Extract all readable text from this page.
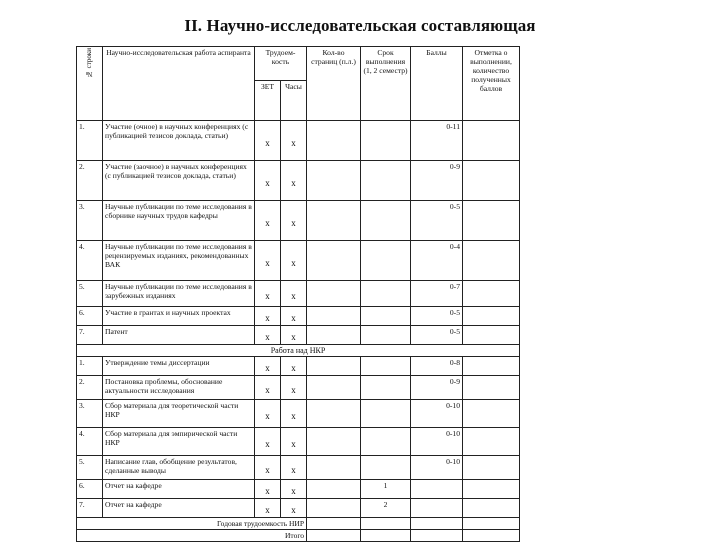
II. Научно-исследовательская составляющая
№ строки	Научно-исследовательская работа аспиранта	Трудоем-кость		Кол-во страниц (п.л.)	Срок выполнения (1, 2 семестр)	Баллы	Отметка о выполнении, количество полученных баллов
		ЗЕТ	Часы				
1.	Участие (очное) в научных конференциях (с публикацией тезисов доклада, статьи)	x	x			0-11	
2.	Участие (заочное) в научных конференциях (с публикацией тезисов доклада, статьи)	x	x			0-9	
3.	Научные публикации по теме исследования в сборнике научных трудов кафедры	x	x			0-5	
4.	Научные публикации по теме исследования в рецензируемых изданиях, рекомендованных ВАК	x	x			0-4	
5.	Научные публикации по теме исследования в зарубежных изданиях	x	x			0-7	
6.	Участие в грантах и научных проектах	x	x			0-5	
7.	Патент	x	x			0-5	
Работа над НКР							
1.	Утверждение темы диссертации	x	x			0-8	
2.	Постановка проблемы, обоснование актуальности исследования	x	x			0-9	
3.	Сбор материала для теоретической части НКР	x	x			0-10	
4.	Сбор материала для эмпирической части НКР	x	x			0-10	
5.	Написание глав, обобщение результатов, сделанные выводы	x	x			0-10	
6.	Отчет на кафедре	x	x		1		
7.	Отчет на кафедре	x	x		2		
Годовая трудоемкость НИР							
Итого							
